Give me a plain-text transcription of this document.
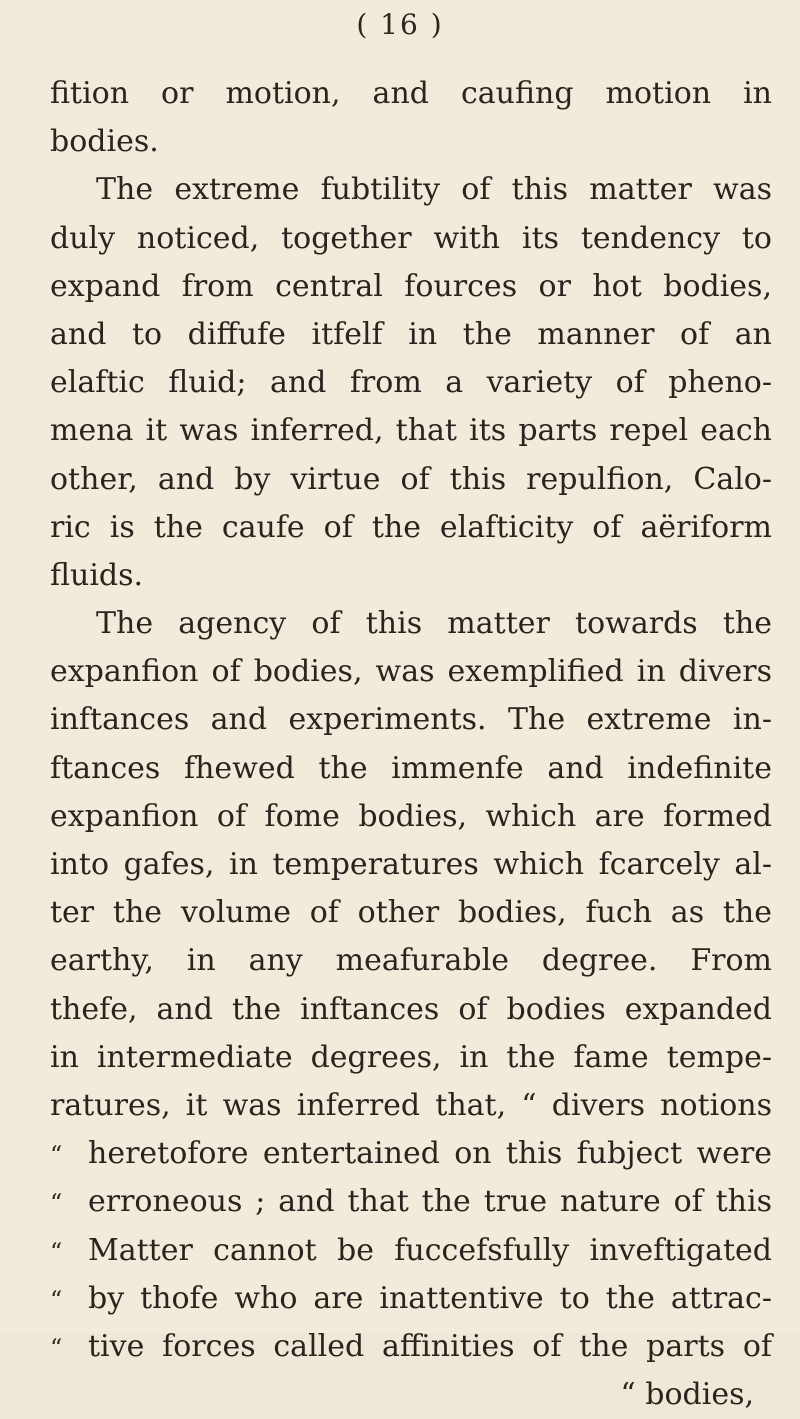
( 16 )
fition or motion, and caufing motion in
bodies.
The extreme fubtility of this matter was
duly noticed, together with its tendency to
expand from central fources or hot bodies,
and to diffufe itfelf in the manner of an
elaftic fluid; and from a variety of pheno-
mena it was inferred, that its parts repel each
other, and by virtue of this repulfion, Calo-
ric is the caufe of the elafticity of aëriform
fluids.
The agency of this matter towards the
expanfion of bodies, was exemplified in divers
inftances and experiments. The extreme in-
ftances fhewed the immenfe and indefinite
expanfion of fome bodies, which are formed
into gafes, in temperatures which fcarcely al-
ter the volume of other bodies, fuch as the
earthy, in any meafurable degree. From
thefe, and the inftances of bodies expanded
in intermediate degrees, in the fame tempe-
ratures, it was inferred that, “ divers notions
“ heretofore entertained on this fubject were
“ erroneous ; and that the true nature of this
“ Matter cannot be fuccefsfully inveftigated
“ by thofe who are inattentive to the attrac-
“ tive forces called affinities of the parts of
“ bodies,
